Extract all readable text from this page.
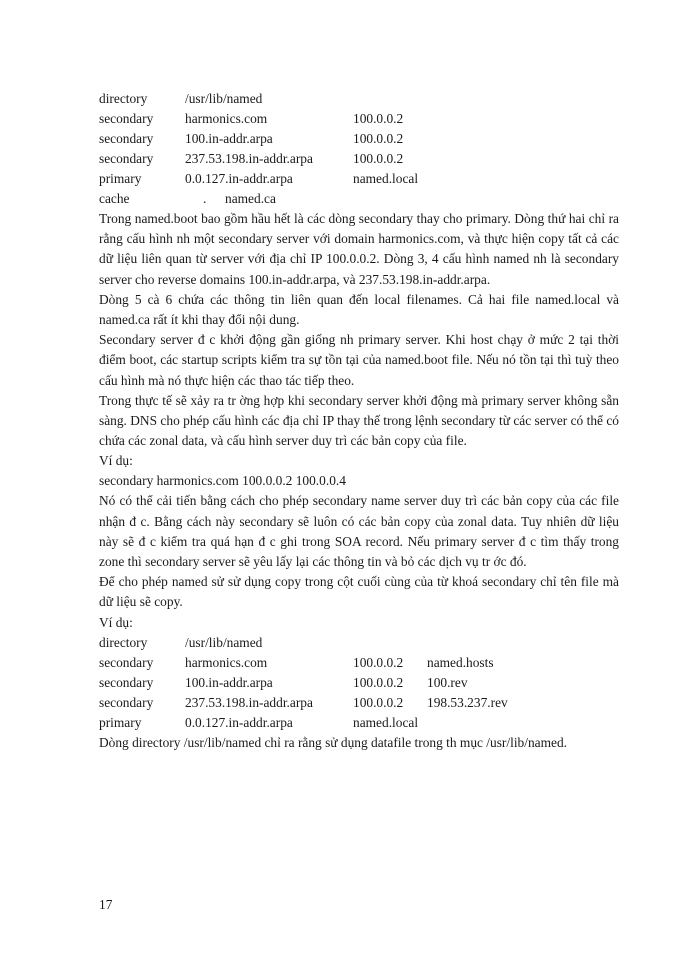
directory	/usr/lib/named
secondary harmonics.com	100.0.0.2
secondary 100.in-addr.arpa	100.0.0.2
secondary 237.53.198.in-addr.arpa	100.0.0.2
primary	0.0.127.in-addr.arpa	named.local
cache	. named.ca

Trong named.boot bao gồm hầu hết là các dòng secondary thay cho primary. Dòng thứ hai chỉ ra rằng cấu hình nh một secondary server với domain harmonics.com, và thực hiện copy tất cả các dữ liệu liên quan từ server với địa chỉ IP 100.0.0.2. Dòng 3, 4 cấu hình named nh là secondary server cho reverse domains 100.in-addr.arpa, và 237.53.198.in-addr.arpa.

Dòng 5 cà 6 chứa các thông tin liên quan đến local filenames. Cả hai file named.local và named.ca rất ít khi thay đổi nội dung.

Secondary server đ c khởi động gần giống nh primary server. Khi host chạy ở mức 2 tại thời điểm boot, các startup scripts kiểm tra sự tồn tại của named.boot file. Nếu nó tồn tại thì tuỳ theo cấu hình mà nó thực hiện các thao tác tiếp theo.

Trong thực tế sẽ xảy ra tr ờng hợp khi secondary server khởi động mà primary server không sẵn sàng. DNS cho phép cấu hình các địa chỉ IP thay thế trong lệnh secondary từ các server có thể có chứa các zonal data, và cấu hình server duy trì các bản copy của file.

Ví dụ:

secondary harmonics.com 100.0.0.2 100.0.0.4

Nó có thể cải tiến bằng cách cho phép secondary name server duy trì các bản copy của các file nhận đ c. Bằng cách này secondary sẽ luôn có các bản copy của zonal data. Tuy nhiên dữ liệu này sẽ đ c kiểm tra quá hạn đ c ghi trong SOA record. Nếu primary server đ c tìm thấy trong zone thì secondary server sẽ yêu lấy lại các thông tin và bỏ các dịch vụ tr ớc đó.

Để cho phép named sử sử dụng copy trong cột cuối cùng của từ khoá secondary chỉ tên file mà dữ liệu sẽ copy.

Ví dụ:

directory	/usr/lib/named
secondary harmonics.com	100.0.0.2 named.hosts
secondary 100.in-addr.arpa	100.0.0.2 100.rev
secondary 237.53.198.in-addr.arpa	100.0.0.2 198.53.237.rev
primary	0.0.127.in-addr.arpa	named.local

Dòng directory /usr/lib/named chỉ ra rằng sử dụng datafile trong th mục /usr/lib/named.

17
